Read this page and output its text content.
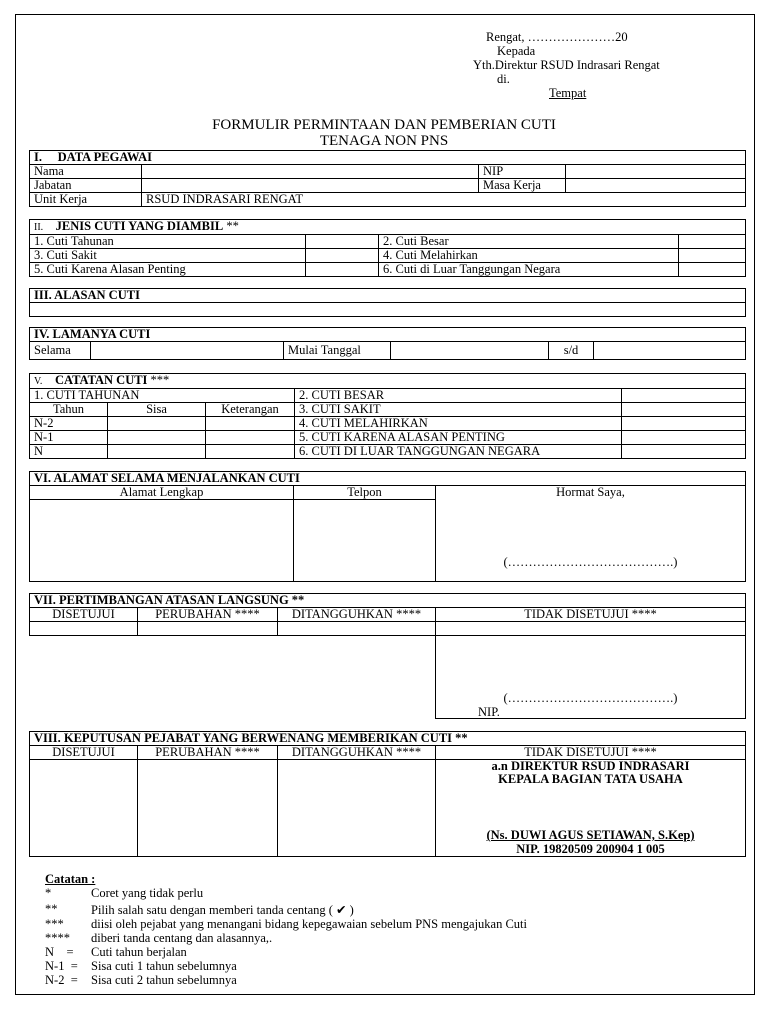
Rengat, …………………20
Kepada
Yth.Direktur RSUD Indrasari Rengat
di.
Tempat
FORMULIR PERMINTAAN DAN PEMBERIAN CUTI
TENAGA NON PNS
I. DATA PEGAWAI			
Nama		NIP	
Jabatan		Masa Kerja	
Unit Kerja	RSUD INDRASARI RENGAT		
II. JENIS CUTI YANG DIAMBIL **			
1. Cuti Tahunan		2. Cuti Besar	
3. Cuti Sakit		4. Cuti Melahirkan	
5. Cuti Karena Alasan Penting		6. Cuti di Luar Tanggungan Negara	
III. ALASAN CUTI

IV. LAMANYA CUTI
Selama		Mulai Tanggal		s/d	
V. CATATAN CUTI ***				
1. CUTI TAHUNAN			2. CUTI BESAR	
Tahun	Sisa	Keterangan	3. CUTI SAKIT	
N-2			4. CUTI MELAHIRKAN	
N-1			5. CUTI KARENA ALASAN PENTING	
N			6. CUTI DI LUAR TANGGUNGAN NEGARA	
VI. ALAMAT SELAMA MENJALANKAN CUTI		
Alamat Lengkap	Telpon	Hormat Saya,
(………………………………….)

VII. PERTIMBANGAN ATASAN LANGSUNG **			
DISETUJUI	PERUBAHAN ****	DITANGGUHKAN ****	TIDAK DISETUJUI ****

			(………………………………….)
NIP.
VIII. KEPUTUSAN PEJABAT YANG BERWENANG MEMBERIKAN CUTI **			
DISETUJUI	PERUBAHAN ****	DITANGGUHKAN ****	TIDAK DISETUJUI ****

			a.n DIREKTUR RSUD INDRASARI
KEPALA BAGIAN TATA USAHA
(Ns. DUWI AGUS SETIAWAN, S.Kep)
NIP. 19820509 200904 1 005
Catatan :
*	Coret yang tidak perlu
**	Pilih salah satu dengan memberi tanda centang ( ✔ )
*** diisi oleh pejabat yang menangani bidang kepegawaian sebelum PNS mengajukan Cuti
**** diberi tanda centang dan alasannya,.
N    = Cuti tahun berjalan
N-1  = Sisa cuti 1 tahun sebelumnya
N-2  = Sisa cuti 2 tahun sebelumnya
